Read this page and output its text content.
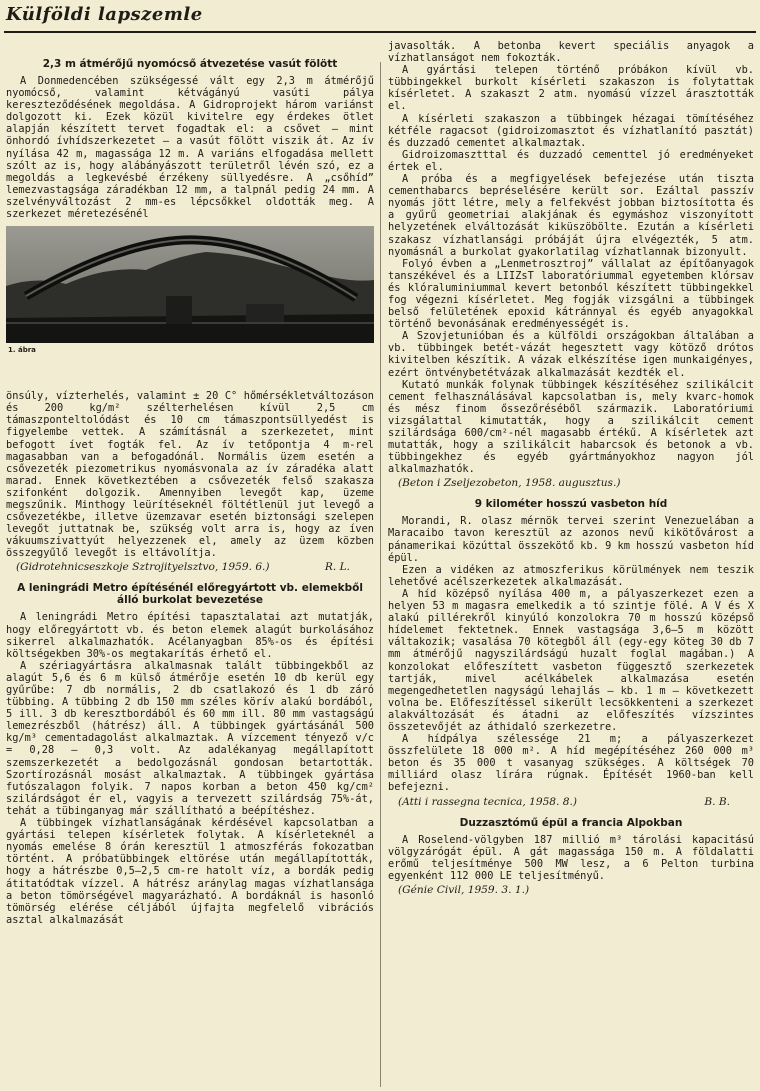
Külföldi lapszemle
2,3 m átmérőjű nyomócső átvezetése vasút fölött

A Donmedencében szükségessé vált egy 2,3 m átmérőjű nyomócső, valamint kétvágányú vasúti pálya kereszteződésének megoldása. A Gidroprojekt három variánst dolgozott ki. Ezek közül kivitelre egy érdekes ötlet alapján készített tervet fogadtak el: a csővet — mint önhordó ívhídszerkezetet — a vasút fölött viszik át. Az ív nyílása 42 m, magassága 12 m. A variáns elfogadása mellett szólt az is, hogy alábányászott területről lévén szó, ez a megoldás a legkevésbé érzékeny süllyedésre. A „csőhíd” lemezvastagsága záradékban 12 mm, a talpnál pedig 24 mm. A szelvényváltozást 2 mm-es lépcsőkkel oldották meg. A szerkezet méretezésénél

1. ábra

önsúly, vízterhelés, valamint ± 20 C° hőmérsékletváltozáson és 200 kg/m² szélterhelésen kívül 2,5 cm támaszponteltolódást és 10 cm támaszpontsüllyedést is figyelembe vettek. A számításnál a szerkezetet, mint befogott ívet fogták fel. Az ív tetőpontja 4 m-rel magasabban van a befogadónál. Normális üzem esetén a csővezeték piezometrikus nyomásvonala az ív záradéka alatt marad. Ennek következtében a csővezeték felső szakasza szifonként dolgozik. Amennyiben levegőt kap, üzeme megszűnik. Minthogy leürítéseknél föltétlenül jut levegő a csővezetékbe, illetve üzemzavar esetén biztonsági szelepen levegőt juttatnak be, szükség volt arra is, hogy az íven vákuumszivattyút helyezzenek el, amely az üzem közben összegyűlő levegőt is eltávolítja.

(Gidrotehnicseszkoje Sztrojityelsztvo, 1959. 6.)	R. L.
A leningrádi Metro építésénél előregyártott vb. elemekből álló burkolat bevezetése

A leningrádi Metro építési tapasztalatai azt mutatják, hogy előregyártott vb. és beton elemek alagút burkolásához sikerrel alkalmazhatók. Acélanyagban 85%-os és építési költségekben 30%-os megtakarítás érhető el.

A szériagyártásra alkalmasnak talált tübbingekből az alagút 5,6 és 6 m külső átmérője esetén 10 db kerül egy gyűrűbe: 7 db normális, 2 db csatlakozó és 1 db záró tübbing. A tübbing 2 db 150 mm széles körív alakú bordából, 5 ill. 3 db keresztbordából és 60 mm ill. 80 mm vastagságú lemezrészből (hátrész) áll. A tübbingek gyártásánál 500 kg/m³ cementadagolást alkalmaztak. A vízcement tényező v/c = 0,28 — 0,3 volt. Az adalékanyag megállapított szemszerkezetét a bedolgozásnál gondosan betartották. Szortírozásnál mosást alkalmaztak. A tübbingek gyártása futószalagon folyik. 7 napos korban a beton 450 kg/cm² szilárdságot ér el, vagyis a tervezett szilárdság 75%-át, tehát a tübinganyag már szállítható a beépítéshez.

A tübbingek vízhatlanságának kérdésével kapcsolatban a gyártási telepen kísérletek folytak. A kísérleteknél a nyomás emelése 8 órán keresztül 1 atmoszférás fokozatban történt. A próbatübbingek eltörése után megállapították, hogy a hátrészbe 0,5—2,5 cm-re hatolt víz, a bordák pedig átitatódtak vízzel. A hátrész aránylag magas vízhatlansága a beton tömörségével magyarázható. A bordáknál is hasonló tömörség elérése céljából újfajta megfelelő vibrációs asztal alkalmazását

javasolták. A betonba kevert speciális anyagok a vízhatlanságot nem fokozták.

A gyártási telepen történő próbákon kívül vb. tübbingekkel burkolt kísérleti szakaszon is folytattak kísérletet. A szakaszt 2 atm. nyomású vízzel árasztották el.

A kísérleti szakaszon a tübbingek hézagai tömítéséhez kétféle ragacsot (gidroizomasztot és vízhatlanító pasztát) és duzzadó cementet alkalmaztak.

Gidroizomasztttal és duzzadó cementtel jó eredményeket értek el.

A próba és a megfigyelések befejezése után tiszta cementhabarcs bepréselésére került sor. Ezáltal passzív nyomás jött létre, mely a felfekvést jobban biztosította és a gyűrű geometriai alakjának és egymáshoz viszonyított helyzetének elváltozását kiküszöbölte. Ezután a kísérleti szakasz vízhatlansági próbáját újra elvégezték, 5 atm. nyomásnál a burkolat gyakorlatilag vízhatlannak bizonyult.

Folyó évben a „Lenmetrosztroj” vállalat az építőanyagok tanszékével és a LIIZsT laboratóriummal egyetemben klórsav és klóraluminiummal kevert betonból készített tübbingekkel fog végezni kísérletet. Meg fogják vizsgálni a tübbingek belső felületének epoxid kátránnyal és egyéb anyagokkal történő bevonásának eredményességét is.

A Szovjetunióban és a külföldi országokban általában a vb. tübbingek betét-vázát hegesztett vagy kötöző drótos kivitelben készítik. A vázak elkészítése igen munkaigényes, ezért öntvénybetétvázak alkalmazását kezdték el.

Kutató munkák folynak tübbingek készítéséhez szilikálcit cement felhasználásával kapcsolatban is, mely kvarc-homok és mész finom őssezőréséből származik. Laboratóriumi vizsgálattal kimutatták, hogy a szilikálcit cement szilárdsága 600/cm²-nél magasabb értékű. A kísérletek azt mutatták, hogy a szilikálcit habarcsok és betonok a vb. tübbingekhez és egyéb gyártmányokhoz nagyon jól alkalmazhatók.

(Beton i Zseljezobeton, 1958. augusztus.)
9 kilométer hosszú vasbeton híd

Morandi, R. olasz mérnök tervei szerint Venezuelában a Maracaibo tavon keresztül az azonos nevű kikötővárost a pánamerikai közúttal összekötő kb. 9 km hosszú vasbeton híd épül.

Ezen a vidéken az atmoszferikus körülmények nem teszik lehetővé acélszerkezetek alkalmazását.

A híd középső nyílása 400 m, a pályaszerkezet ezen a helyen 53 m magasra emelkedik a tó szintje fölé. A V és X alakú pillérekről kinyúló konzolokra 70 m hosszú középső hídelemet fektetnek. Ennek vastagsága 3,6—5 m között váltakozik; vasalása 70 kötegből áll (egy-egy köteg 30 db 7 mm átmérőjű nagyszilárdságú huzalt foglal magában.) A konzolokat előfeszített vasbeton függesztő szerkezetek tartják, mivel acélkábelek alkalmazása esetén megengedhetetlen nagyságú lehajlás — kb. 1 m — következett volna be. Előfeszítéssel sikerült lecsökkenteni a szerkezet alakváltozását és átadni az előfeszítés vízszintes összetevőjét az áthidaló szerkezetre.

A hídpálya szélessége 21 m; a pályaszerkezet összfelülete 18 000 m². A híd megépítéséhez 260 000 m³ beton és 35 000 t vasanyag szükséges. A költségek 70 milliárd olasz lírára rúgnak. Építését 1960-ban kell befejezni.

(Atti i rassegna tecnica, 1958. 8.)	B. B.
Duzzasztómű épül a francia Alpokban

A Roselend-völgyben 187 millió m³ tárolási kapacitású völgyzárógát épül. A gát magassága 150 m. A földalatti erőmű teljesítménye 500 MW lesz, a 6 Pelton turbina egyenként 112 000 LE teljesítményű.

(Génie Civil, 1959. 3. 1.)
